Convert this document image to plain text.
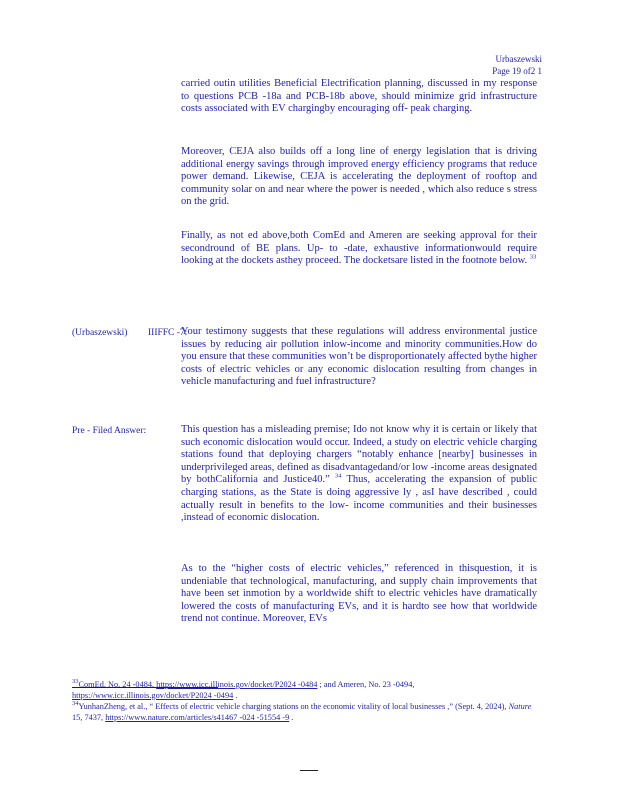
Urbaszewski
Page 19 of2 1

carried outin utilities Beneficial Electrification planning, discussed in my response to questions PCB -18a and PCB-18b above, should minimize grid infrastructure costs associated with EV chargingby encouraging off- peak charging.

Moreover, CEJA also builds off a long line of energy legislation that is driving additional energy savings through improved energy efficiency programs that reduce power demand. Likewise, CEJA is accelerating the deployment of rooftop and community solar on and near where the power is needed , which also reduce s stress on the grid.

Finally, as not ed above,both ComEd and Ameren are seeking approval for their secondround of BE plans. Up- to -date, exhaustive informationwould require looking at the dockets asthey proceed. The docketsare listed in the footnote below. $^{33}$

(Urbaszewski) IIIFFC -7:

Your testimony suggests that these regulations will address environmental justice issues by reducing air pollution inlow-income and minority communities.How do you ensure that these communities won’t be disproportionately affected bythe higher costs of electric vehicles or any economic dislocation resulting from changes in vehicle manufacturing and fuel infrastructure?

Pre - Filed Answer:	This question has a misleading premise; Ido not know why it is certain or likely that such economic dislocation would occur. Indeed, a study on electric vehicle charging stations found that deploying chargers “notably enhance [nearby] businesses in underprivileged areas, defined as disadvantagedand/or low -income areas designated by bothCalifornia and Justice40.” $^{34}$ Thus, accelerating the expansion of public charging stations, as the State is doing aggressive ly , asI have described , could actually result in benefits to the low- income communities and their businesses ,instead of economic dislocation.

As to the “higher costs of electric vehicles,” referenced in thisquestion, it is undeniable that technological, manufacturing, and supply chain improvements that have been set inmotion by a worldwide shift to electric vehicles have dramatically lowered the costs of manufacturing EVs, and it is hardto see how that worldwide trend not continue. Moreover, EVs

$^{33}$ComEd, No. 24 -0484, https://www.icc.illinois.gov/docket/P2024 -0484 ; and Ameren, No. 23 -0494,
https://www.icc.illinois.gov/docket/P2024 -0494 .

$^{34}$YunhanZheng, et al., “ Effects of electric vehicle charging stations on the economic vitality of local businesses ,” (Sept. 4, 2024), Nature 15, 7437, https://www.nature.com/articles/s41467 -024 -51554 -9 .
